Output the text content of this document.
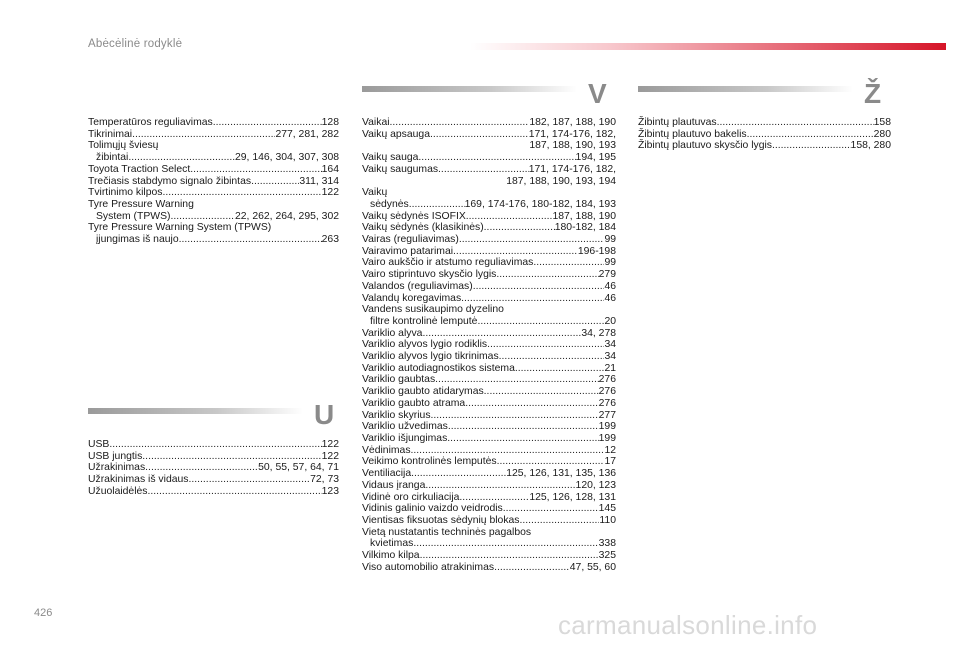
Abėcėlinė rodyklė
Temperatūros reguliavimas .....	128
Tikrinimai .....	277, 281, 282
Tolimųjų šviesų
žibintai .....	29, 146, 304, 307, 308
Toyota Traction Select .....	164
Trečiasis stabdymo signalo žibintas .....	311, 314
Tvirtinimo kilpos .....	122
Tyre Pressure Warning
System (TPWS) .....	22, 262, 264, 295, 302
Tyre Pressure Warning System (TPWS)
įjungimas iš naujo .....	263
U
USB .....	122
USB jungtis .....	122
Užrakinimas .....	50, 55, 57, 64, 71
Užrakinimas iš vidaus .....	72, 73
Užuolaidėlės .....	123
V
Vaikai .....	182, 187, 188, 190
Vaikų apsauga .....	171, 174-176, 182,
187, 188, 190, 193
Vaikų sauga .....	194, 195
Vaikų saugumas .....	171, 174-176, 182,
187, 188, 190, 193, 194
Vaikų
sėdynės .....	169, 174-176, 180-182, 184, 193
Vaikų sėdynės ISOFIX .....	187, 188, 190
Vaikų sėdynės (klasikinės) .....	180-182, 184
Vairas (reguliavimas) .....	99
Vairavimo patarimai .....	196-198
Vairo aukščio ir atstumo reguliavimas .....	99
Vairo stiprintuvo skysčio lygis .....	279
Valandos (reguliavimas) .....	46
Valandų koregavimas .....	46
Vandens susikaupimo dyzelino
filtre kontrolinė lemputė .....	20
Variklio alyva .....	34, 278
Variklio alyvos lygio rodiklis .....	34
Variklio alyvos lygio tikrinimas .....	34
Variklio autodiagnostikos sistema .....	21
Variklio gaubtas .....	276
Variklio gaubto atidarymas .....	276
Variklio gaubto atrama .....	276
Variklio skyrius .....	277
Variklio užvedimas .....	199
Variklio išjungimas .....	199
Vėdinimas .....	12
Veikimo kontrolinės lemputės .....	17
Ventiliacija .....	125, 126, 131, 135, 136
Vidaus įranga .....	120, 123
Vidinė oro cirkuliacija .....	125, 126, 128, 131
Vidinis galinio vaizdo veidrodis .....	145
Vientisas fiksuotas sėdynių blokas .....	110
Vietą nustatantis techninės pagalbos
kvietimas .....	338
Vilkimo kilpa .....	325
Viso automobilio atrakinimas .....	47, 55, 60
Ž
Žibintų plautuvas .....	158
Žibintų plautuvo bakelis .....	280
Žibintų plautuvo skysčio lygis .....	158, 280
426	carmanualsonline.info
